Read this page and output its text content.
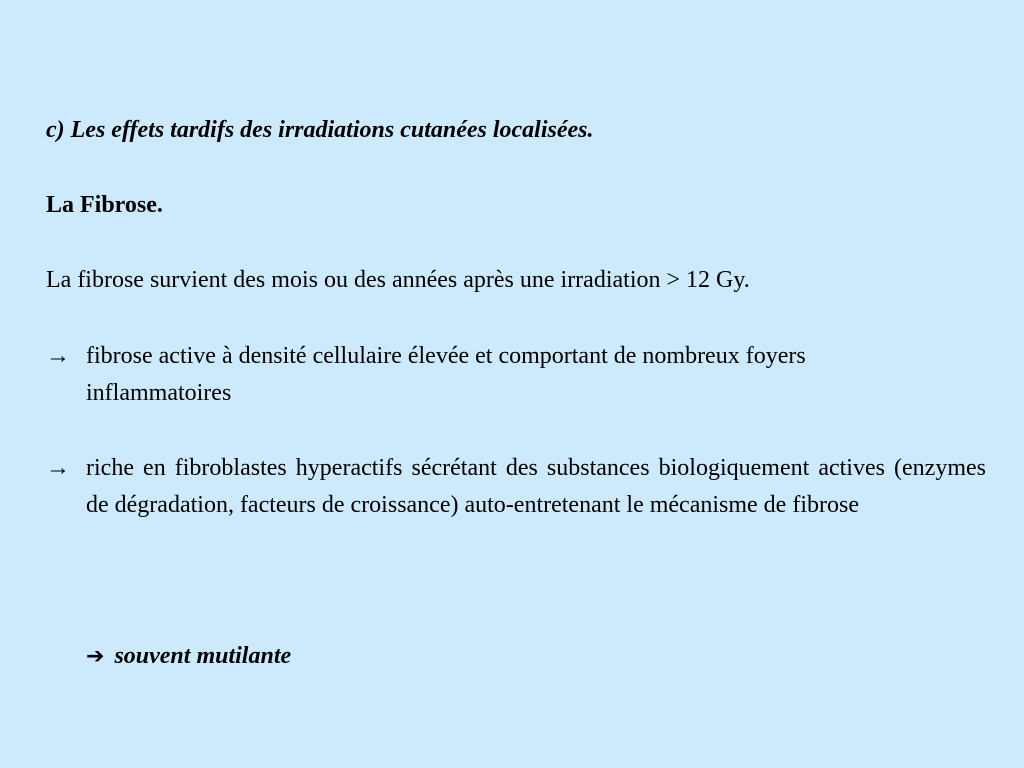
c) Les effets tardifs des irradiations cutanées localisées.
La Fibrose.
La fibrose survient des mois ou des années après une irradiation > 12 Gy.
→ fibrose active à densité cellulaire élevée et comportant de nombreux foyers inflammatoires
→ riche en fibroblastes hyperactifs sécrétant des substances biologiquement actives (enzymes de dégradation, facteurs de croissance) auto-entretenant le mécanisme de fibrose
➔ souvent mutilante
